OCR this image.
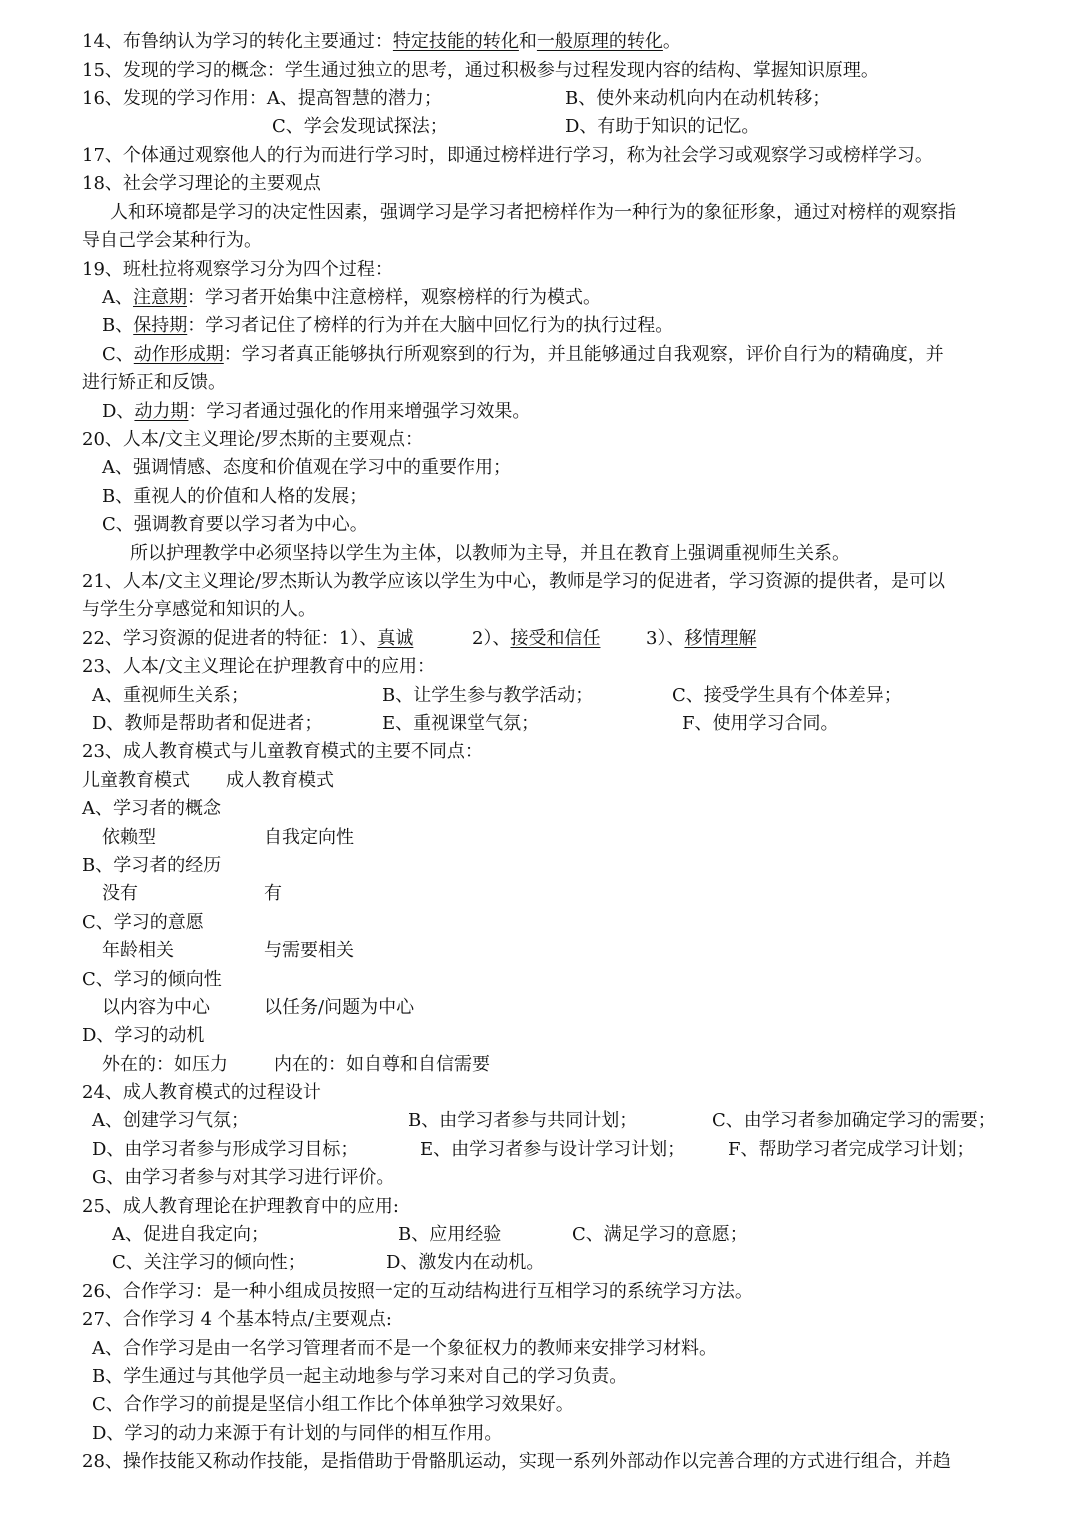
14、布鲁纳认为学习的转化主要通过：特定技能的转化和一般原理的转化。
15、发现的学习的概念：学生通过独立的思考，通过积极参与过程发现内容的结构、掌握知识原理。
16、发现的学习作用：A、提高智慧的潜力；	B、使外来动机向内在动机转移；
C、学会发现试探法；	D、有助于知识的记忆。
17、个体通过观察他人的行为而进行学习时，即通过榜样进行学习，称为社会学习或观察学习或榜样学习。
18、社会学习理论的主要观点
人和环境都是学习的决定性因素，强调学习是学习者把榜样作为一种行为的象征形象，通过对榜样的观察指
导自己学会某种行为。
19、班杜拉将观察学习分为四个过程：
A、注意期：学习者开始集中注意榜样，观察榜样的行为模式。
B、保持期：学习者记住了榜样的行为并在大脑中回忆行为的执行过程。
C、动作形成期：学习者真正能够执行所观察到的行为，并且能够通过自我观察，评价自行为的精确度，并
进行矫正和反馈。
D、动力期：学习者通过强化的作用来增强学习效果。
20、人本/文主义理论/罗杰斯的主要观点：
A、强调情感、态度和价值观在学习中的重要作用；
B、重视人的价值和人格的发展；
C、强调教育要以学习者为中心。
所以护理教学中必须坚持以学生为主体，以教师为主导，并且在教育上强调重视师生关系。
21、人本/文主义理论/罗杰斯认为教学应该以学生为中心，教师是学习的促进者，学习资源的提供者，是可以
与学生分享感觉和知识的人。
22、学习资源的促进者的特征：1）、真诚	2）、接受和信任	3）、移情理解
23、人本/文主义理论在护理教育中的应用：
A、重视师生关系；	B、让学生参与教学活动；	C、接受学生具有个体差异；
D、教师是帮助者和促进者；	E、重视课堂气氛；	F、使用学习合同。
23、成人教育模式与儿童教育模式的主要不同点：
儿童教育模式 成人教育模式
A、学习者的概念
依赖型	自我定向性
B、学习者的经历
没有	有
C、学习的意愿
年龄相关	与需要相关
C、学习的倾向性
以内容为中心	以任务/问题为中心
D、学习的动机
外在的：如压力	内在的：如自尊和自信需要
24、成人教育模式的过程设计
A、创建学习气氛；	B、由学习者参与共同计划；	C、由学习者参加确定学习的需要；
D、由学习者参与形成学习目标；	E、由学习者参与设计学习计划； F、帮助学习者完成学习计划；
G、由学习者参与对其学习进行评价。
25、成人教育理论在护理教育中的应用:
A、促进自我定向；	B、应用经验	C、满足学习的意愿；
C、关注学习的倾向性；	D、激发内在动机。
26、合作学习：是一种小组成员按照一定的互动结构进行互相学习的系统学习方法。
27、合作学习 4 个基本特点/主要观点:
A、合作学习是由一名学习管理者而不是一个象征权力的教师来安排学习材料。
B、学生通过与其他学员一起主动地参与学习来对自己的学习负责。
C、合作学习的前提是坚信小组工作比个体单独学习效果好。
D、学习的动力来源于有计划的与同伴的相互作用。
28、操作技能又称动作技能，是指借助于骨骼肌运动，实现一系列外部动作以完善合理的方式进行组合，并趋
